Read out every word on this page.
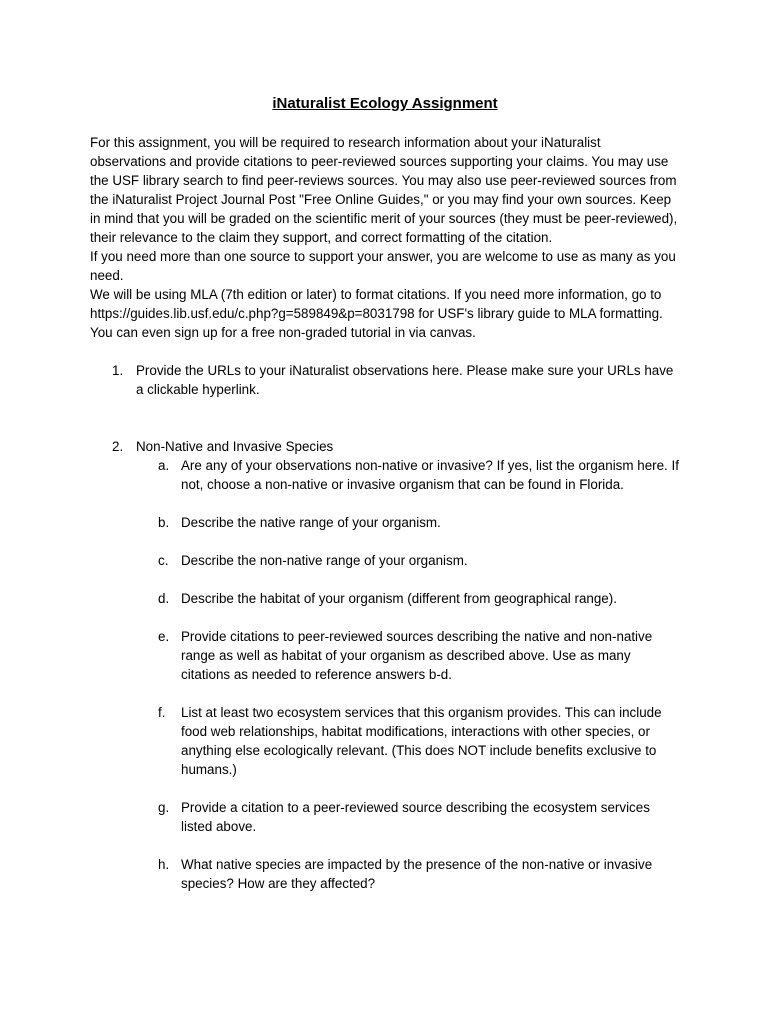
iNaturalist Ecology Assignment

For this assignment, you will be required to research information about your iNaturalist observations and provide citations to peer-reviewed sources supporting your claims. You may use the USF library search to find peer-reviews sources. You may also use peer-reviewed sources from the iNaturalist Project Journal Post "Free Online Guides," or you may find your own sources. Keep in mind that you will be graded on the scientific merit of your sources (they must be peer-reviewed), their relevance to the claim they support, and correct formatting of the citation.

If you need more than one source to support your answer, you are welcome to use as many as you need.

We will be using MLA (7th edition or later) to format citations. If you need more information, go to https://guides.lib.usf.edu/c.php?g=589849&p=8031798 for USF's library guide to MLA formatting. You can even sign up for a free non-graded tutorial in via canvas.

1. Provide the URLs to your iNaturalist observations here. Please make sure your URLs have a clickable hyperlink.
2. Non-Native and Invasive Species
a. Are any of your observations non-native or invasive? If yes, list the organism here. If not, choose a non-native or invasive organism that can be found in Florida.
b. Describe the native range of your organism.
c. Describe the non-native range of your organism.
d. Describe the habitat of your organism (different from geographical range).
e. Provide citations to peer-reviewed sources describing the native and non-native range as well as habitat of your organism as described above. Use as many citations as needed to reference answers b-d.
f. List at least two ecosystem services that this organism provides. This can include food web relationships, habitat modifications, interactions with other species, or anything else ecologically relevant. (This does NOT include benefits exclusive to humans.)
g. Provide a citation to a peer-reviewed source describing the ecosystem services listed above.
h. What native species are impacted by the presence of the non-native or invasive species? How are they affected?
